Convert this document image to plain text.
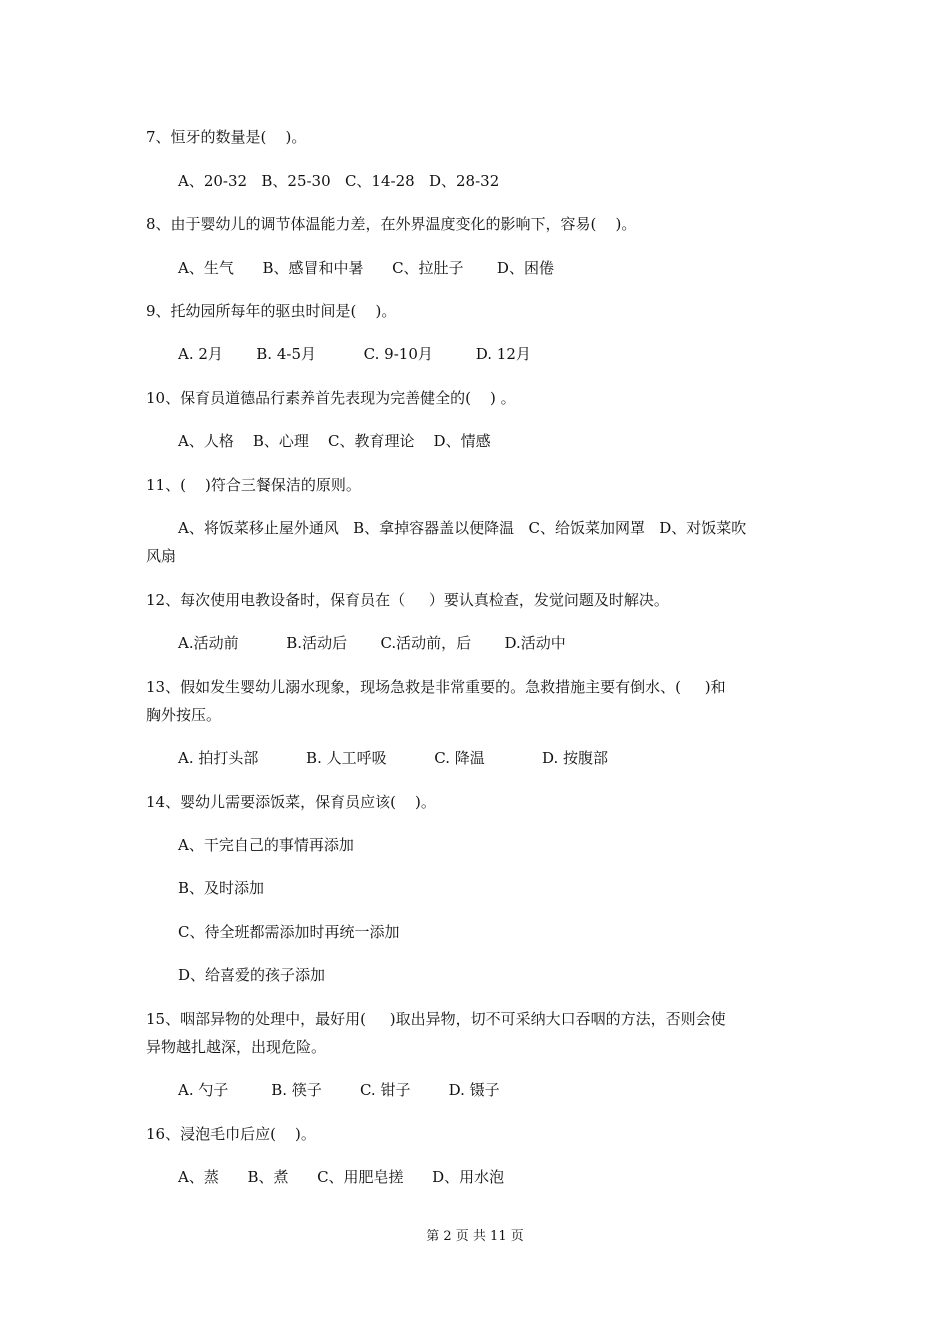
7、恒牙的数量是(    )。
A、20-32   B、25-30   C、14-28   D、28-32
8、由于婴幼儿的调节体温能力差，在外界温度变化的影响下，容易(    )。
A、生气      B、感冒和中暑      C、拉肚子       D、困倦
9、托幼园所每年的驱虫时间是(    )。
A. 2月       B. 4-5月          C. 9-10月         D. 12月
10、保育员道德品行素养首先表现为完善健全的(    ) 。
A、人格    B、心理    C、教育理论    D、情感
11、(    )符合三餐保洁的原则。
A、将饭菜移止屋外通风   B、拿掉容器盖以便降温   C、给饭菜加网罩   D、对饭菜吹
风扇
12、每次使用电教设备时，保育员在（     ）要认真检查，发觉问题及时解决。
A.活动前          B.活动后       C.活动前，后       D.活动中
13、假如发生婴幼儿溺水现象，现场急救是非常重要的。急救措施主要有倒水、(     )和
胸外按压。
A. 拍打头部          B. 人工呼吸          C. 降温            D. 按腹部
14、婴幼儿需要添饭菜，保育员应该(    )。
A、干完自己的事情再添加
B、及时添加
C、待全班都需添加时再统一添加
D、给喜爱的孩子添加
15、咽部异物的处理中，最好用(     )取出异物，切不可采纳大口吞咽的方法，否则会使
异物越扎越深，出现危险。
A. 勺子         B. 筷子        C. 钳子        D. 镊子
16、浸泡毛巾后应(    )。
A、蒸      B、煮      C、用肥皂搓      D、用水泡
第 2 页 共 11 页
